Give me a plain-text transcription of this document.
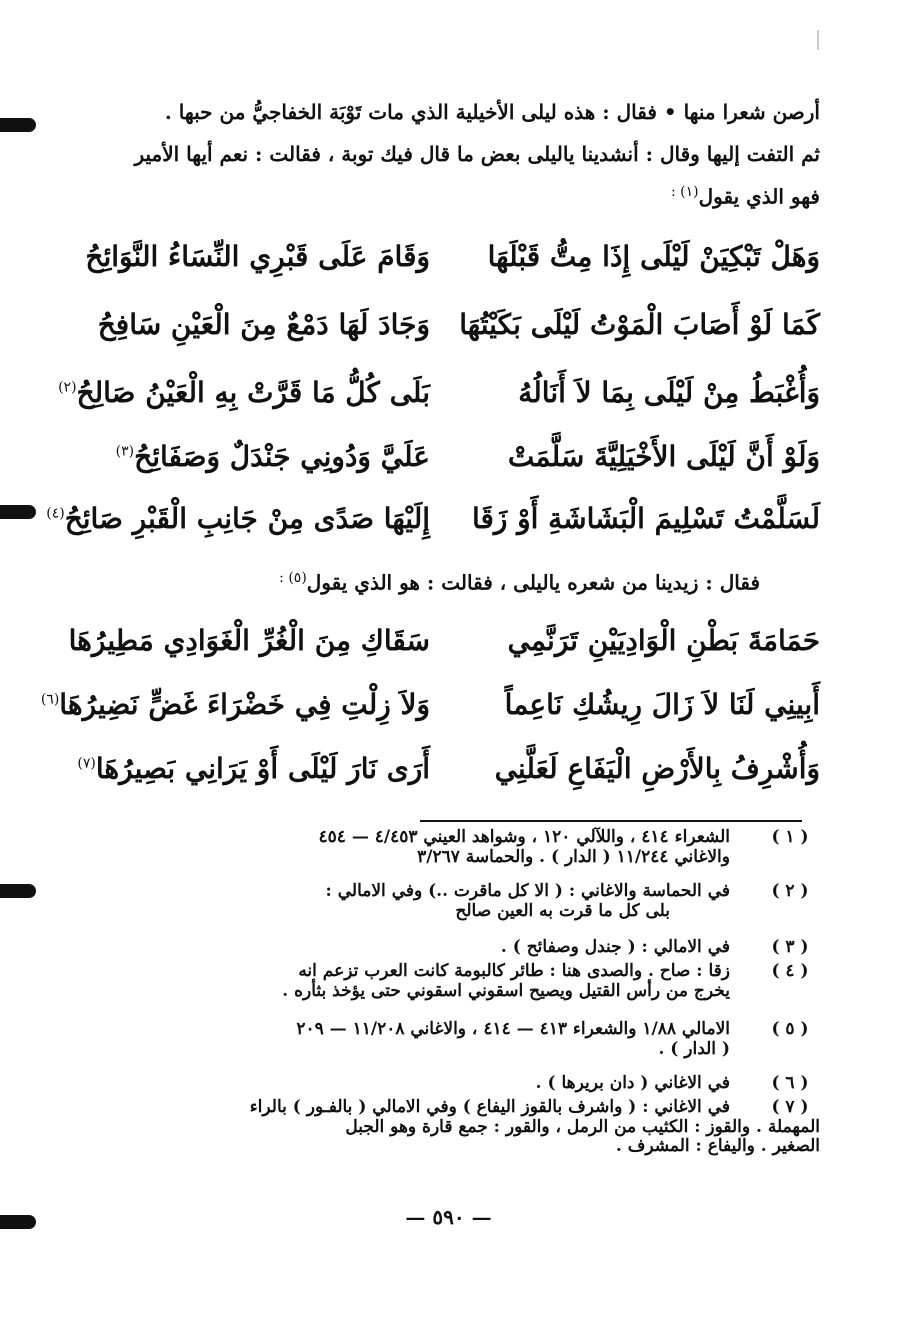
أرصن شعرا منها • فقال : هذه ليلى الأخيلية الذي مات تَوْبَة الخفاجيُّ من حبها .
ثم التفت إليها وقال : أنشدينا ياليلى بعض ما قال فيك توبة ، فقالت : نعم أيها الأمير
فهو الذي يقول$^{(١) :}$
وَهَلْ تَبْكِيَنْ لَيْلَى إِذَا مِتُّ قَبْلَهَا
وَقَامَ عَلَى قَبْرِي النِّسَاءُ النَّوَائِحُ
كَمَا لَوْ أَصَابَ الْمَوْتُ لَيْلَى بَكَيْتُهَا
وَجَادَ لَهَا دَمْعٌ مِنَ الْعَيْنِ سَافِحُ
وَأُغْبَطُ مِنْ لَيْلَى بِمَا لاَ أَنَالُهُ
بَلَى كُلُّ مَا قَرَّتْ بِهِ الْعَيْنُ صَالِحُ$^{(٢)}$
وَلَوْ أَنَّ لَيْلَى الأَخْيَلِيَّةَ سَلَّمَتْ
عَلَيَّ وَدُونِي جَنْدَلٌ وَصَفَائِحُ$^{(٣)}$
لَسَلَّمْتُ تَسْلِيمَ الْبَشَاشَةِ أَوْ زَقَا
إِلَيْهَا صَدًى مِنْ جَانِبِ الْقَبْرِ صَائِحُ$^{(٤)}$
فقال : زيدينا من شعره ياليلى ، فقالت : هو الذي يقول$^{(٥) :}$
حَمَامَةَ بَطْنِ الْوَادِيَيْنِ تَرَنَّمِي
سَقَاكِ مِنَ الْغُرِّ الْغَوَادِي مَطِيرُهَا
أَبِينِي لَنَا لاَ زَالَ رِيشُكِ نَاعِماً
وَلاَ زِلْتِ فِي خَضْرَاءَ غَضٍّ نَضِيرُهَا$^{(٦)}$
وَأُشْرِفُ بِالأَرْضِ الْيَفَاعِ لَعَلَّنِي
أَرَى نَارَ لَيْلَى أَوْ يَرَانِي بَصِيرُهَا$^{(٧)}$
( ١ )
الشعراء ٤١٤ ، واللآلي ١٢٠ ، وشواهد العيني ٤/٤٥٣ — ٤٥٤
والاغاني ١١/٢٤٤ ( الدار ) . والحماسة ٣/٢٦٧
( ٢ )
في الحماسة والاغاني : ( الا كل ماقرت ..) وفي الامالي :
بلى كل ما قرت به العين صالح
( ٣ )
في الامالي : ( جندل وصفائح ) .
( ٤ )
زقا : صاح . والصدى هنا : طائر كالبومة كانت العرب تزعم انه
يخرج من رأس القتيل ويصيح اسقوني اسقوني حتى يؤخذ بثأره .
( ٥ )
الامالي ١/٨٨ والشعراء ٤١٣ — ٤١٤ ، والاغاني ١١/٢٠٨ — ٢٠٩
( الدار ) .
( ٦ )
في الاغاني ( دان بريرها ) .
( ٧ )
في الاغاني : ( واشرف بالقوز اليفاع ) وفي الامالي ( بالفـور ) بالراء
المهملة . والقوز : الكثيب من الرمل ، والقور : جمع قارة وهو الجبل
الصغير . واليفاع : المشرف .
— ٥٩٠ —
